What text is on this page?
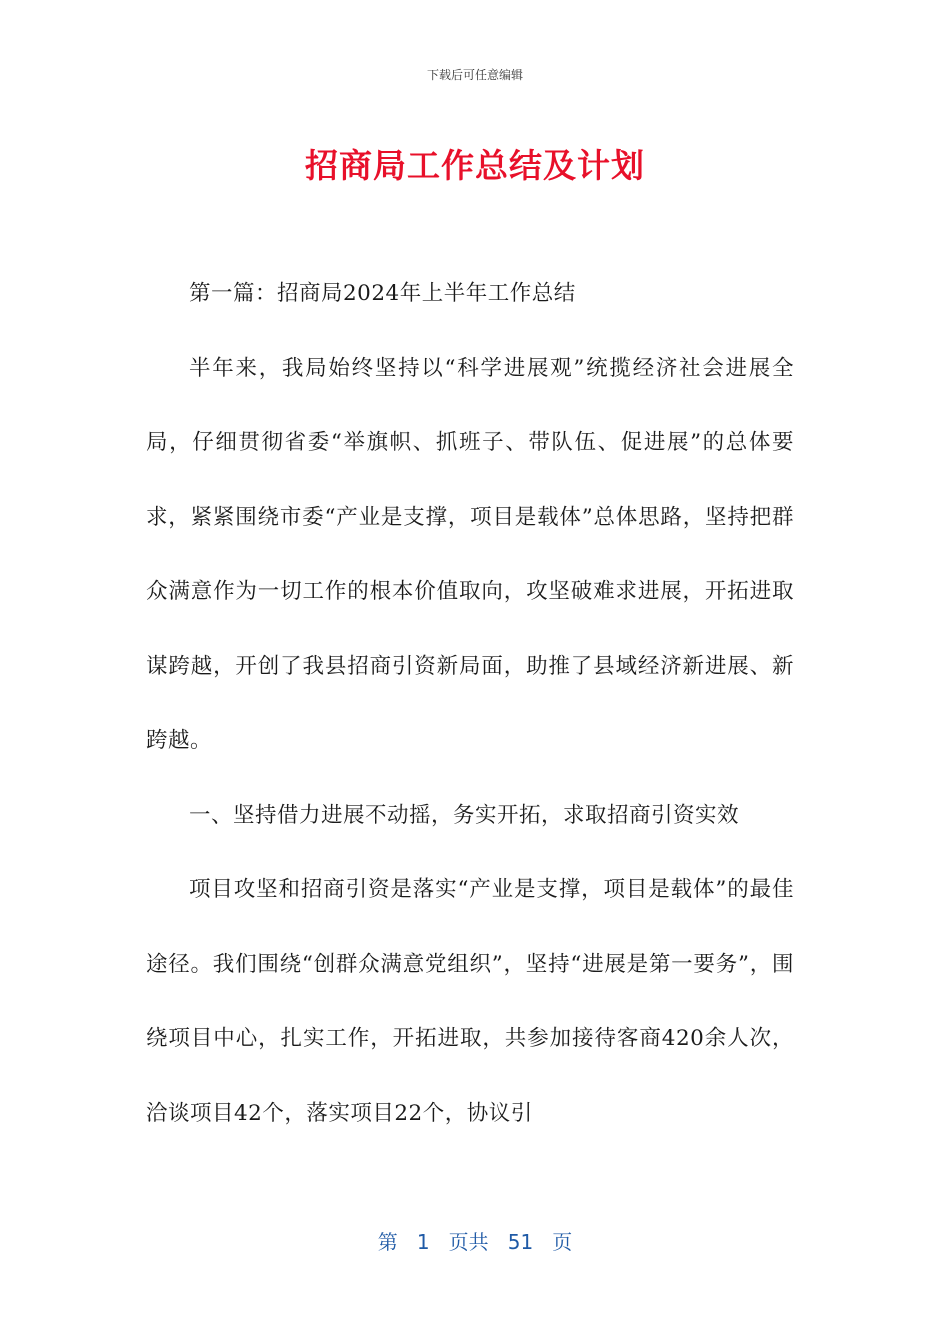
下载后可任意编辑
招商局工作总结及计划

第一篇：招商局2024年上半年工作总结

半年来，我局始终坚持以“科学进展观”统揽经济社会进展全局，仔细贯彻省委“举旗帜、抓班子、带队伍、促进展”的总体要求，紧紧围绕市委“产业是支撑，项目是载体”总体思路，坚持把群众满意作为一切工作的根本价值取向，攻坚破难求进展，开拓进取谋跨越，开创了我县招商引资新局面，助推了县域经济新进展、新跨越。

一、坚持借力进展不动摇，务实开拓，求取招商引资实效

项目攻坚和招商引资是落实“产业是支撑，项目是载体”的最佳途径。我们围绕“创群众满意党组织”，坚持“进展是第一要务”，围绕项目中心，扎实工作，开拓进取，共参加接待客商420余人次，洽谈项目42个，落实项目22个，协议引

第 1 页共 51 页
